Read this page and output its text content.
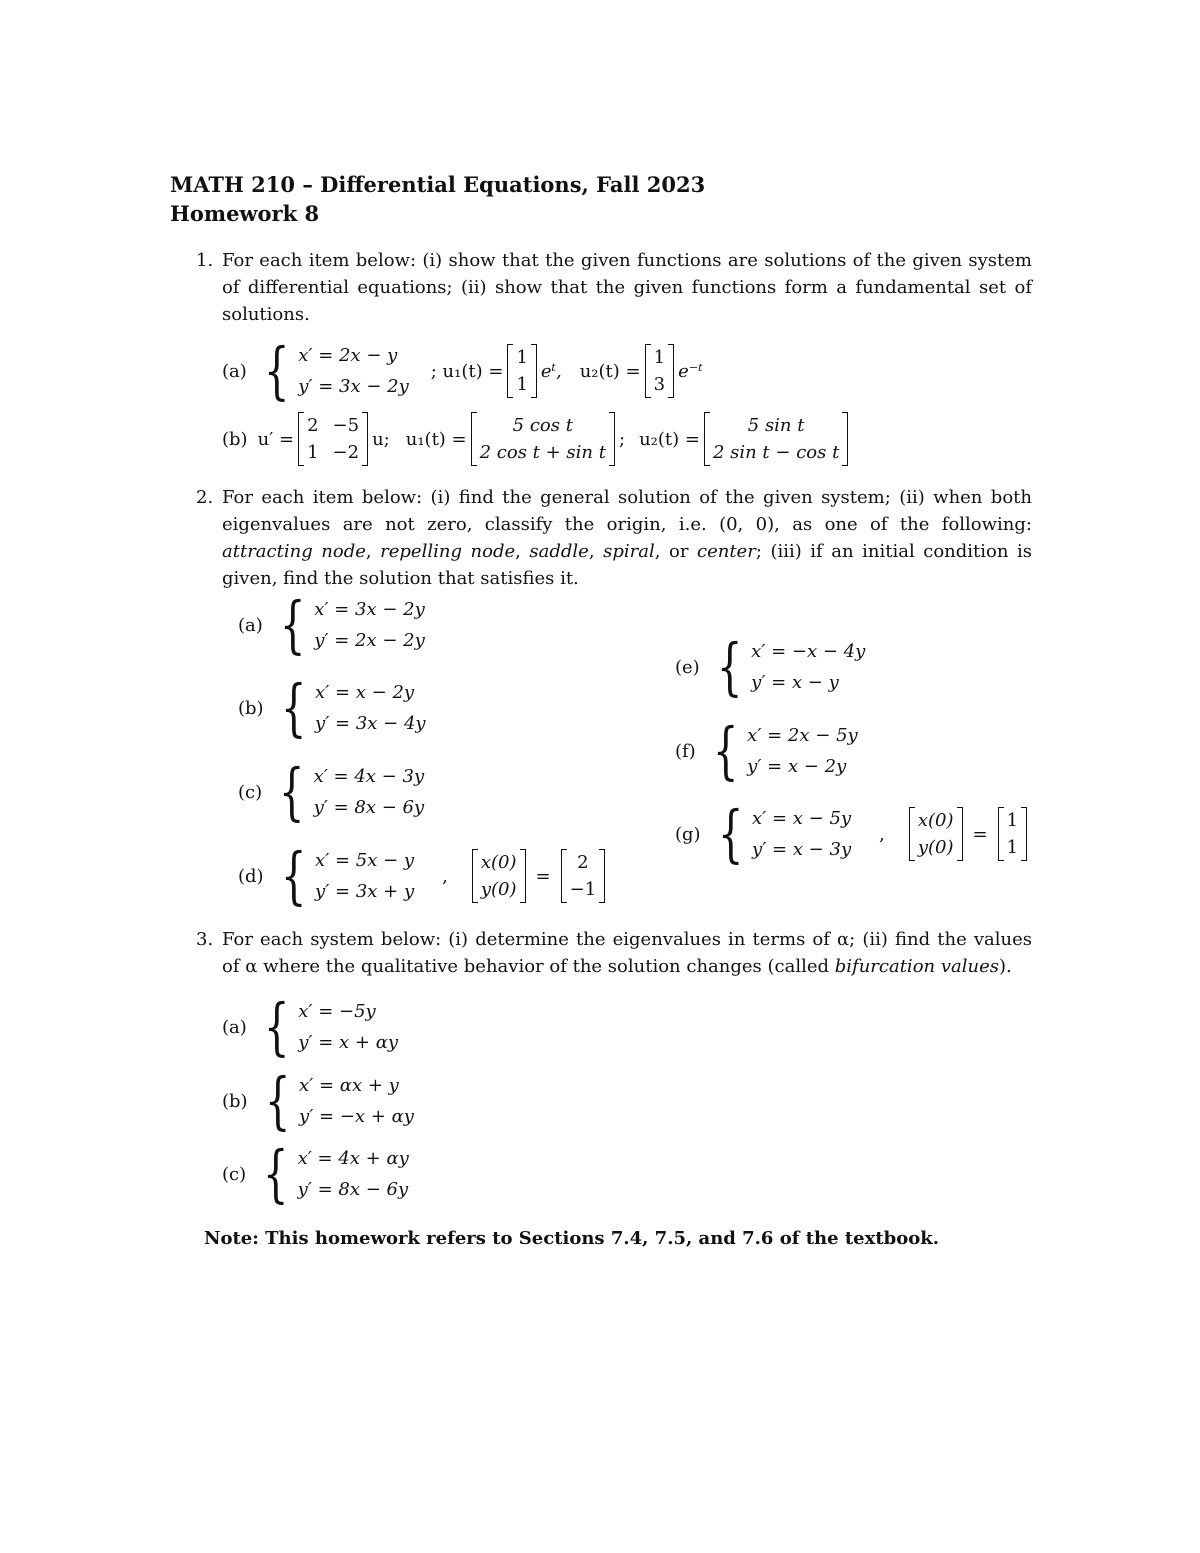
MATH 210 – Differential Equations, Fall 2023
Homework 8
1. For each item below: (i) show that the given functions are solutions of the given system of differential equations; (ii) show that the given functions form a fundamental set of solutions.
(a) { x′ = 2x − y
y′ = 3x − 2y
; u₁(t) =
1
1
eᵗ, u₂(t) =
1
3
e⁻ᵗ
(b) u′ =
2 −5
1 −2
u; u₁(t) =
5 cos t
2 cos t + sin t
; u₂(t) =
5 sin t
2 sin t − cos t
2. For each item below: (i) find the general solution of the given system; (ii) when both eigenvalues are not zero, classify the origin, i.e. (0, 0), as one of the following: attracting node, repelling node, saddle, spiral, or center; (iii) if an initial condition is given, find the solution that satisfies it.
(a) { x′ = 3x − 2y
y′ = 2x − 2y
(b) { x′ = x − 2y
y′ = 3x − 4y
(c) { x′ = 4x − 3y
y′ = 8x − 6y
(d) { x′ = 5x − y
y′ = 3x + y
,
x(0)
y(0)
=
2
−1
(e) { x′ = −x − 4y
y′ = x − y
(f) { x′ = 2x − 5y
y′ = x − 2y
(g) { x′ = x − 5y
y′ = x − 3y
,
x(0)
y(0)
=
1
1
3. For each system below: (i) determine the eigenvalues in terms of α; (ii) find the values of α where the qualitative behavior of the solution changes (called bifurcation values).
(a) { x′ = −5y
y′ = x + αy
(b) { x′ = αx + y
y′ = −x + αy
(c) { x′ = 4x + αy
y′ = 8x − 6y
Note: This homework refers to Sections 7.4, 7.5, and 7.6 of the textbook.
